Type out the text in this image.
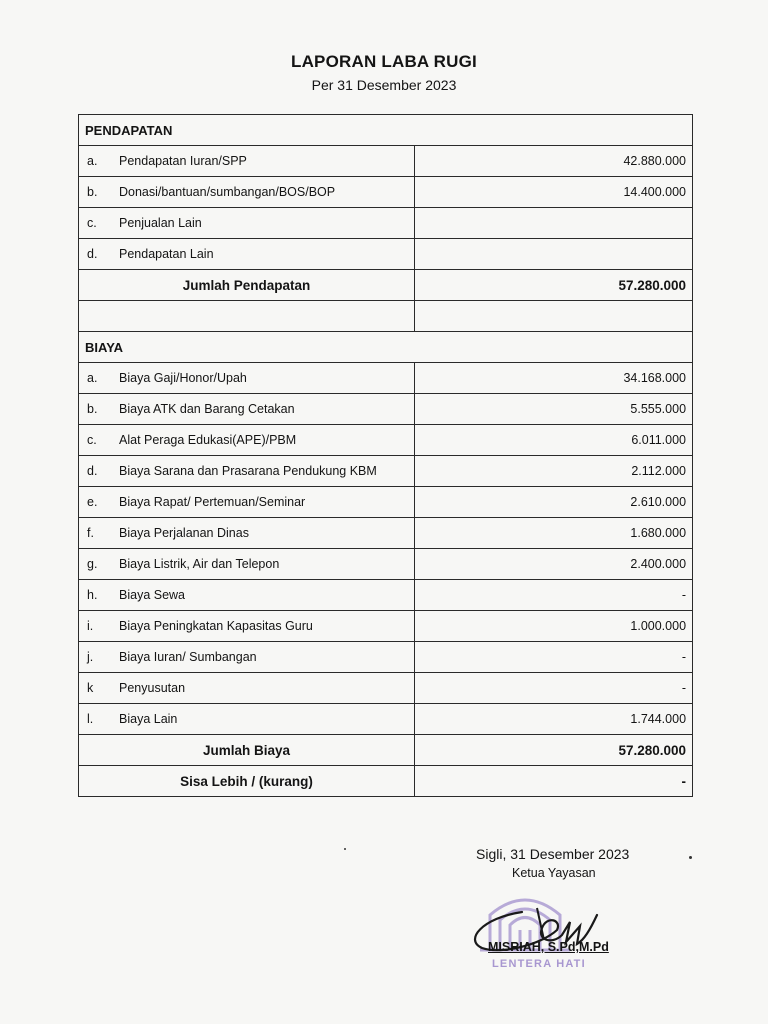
LAPORAN LABA RUGI
Per 31 Desember 2023
PENDAPATAN	
a. Pendapatan Iuran/SPP	42.880.000
b. Donasi/bantuan/sumbangan/BOS/BOP	14.400.000
c. Penjualan Lain	
d. Pendapatan Lain	
Jumlah Pendapatan	57.280.000

BIAYA	
a. Biaya Gaji/Honor/Upah	34.168.000
b. Biaya ATK dan Barang Cetakan	5.555.000
c. Alat Peraga Edukasi(APE)/PBM	6.011.000
d. Biaya Sarana dan Prasarana Pendukung KBM	2.112.000
e. Biaya Rapat/ Pertemuan/Seminar	2.610.000
f. Biaya Perjalanan Dinas	1.680.000
g. Biaya Listrik, Air dan Telepon	2.400.000
h. Biaya Sewa	-
i. Biaya Peningkatan Kapasitas Guru	1.000.000
j. Biaya Iuran/ Sumbangan	-
k Penyusutan	-
l. Biaya Lain	1.744.000
Jumlah Biaya	57.280.000
Sisa Lebih / (kurang)	-
Sigli, 31 Desember 2023
Ketua Yayasan
MISRIAH, S.Pd,M.Pd
LENTERA HATI
